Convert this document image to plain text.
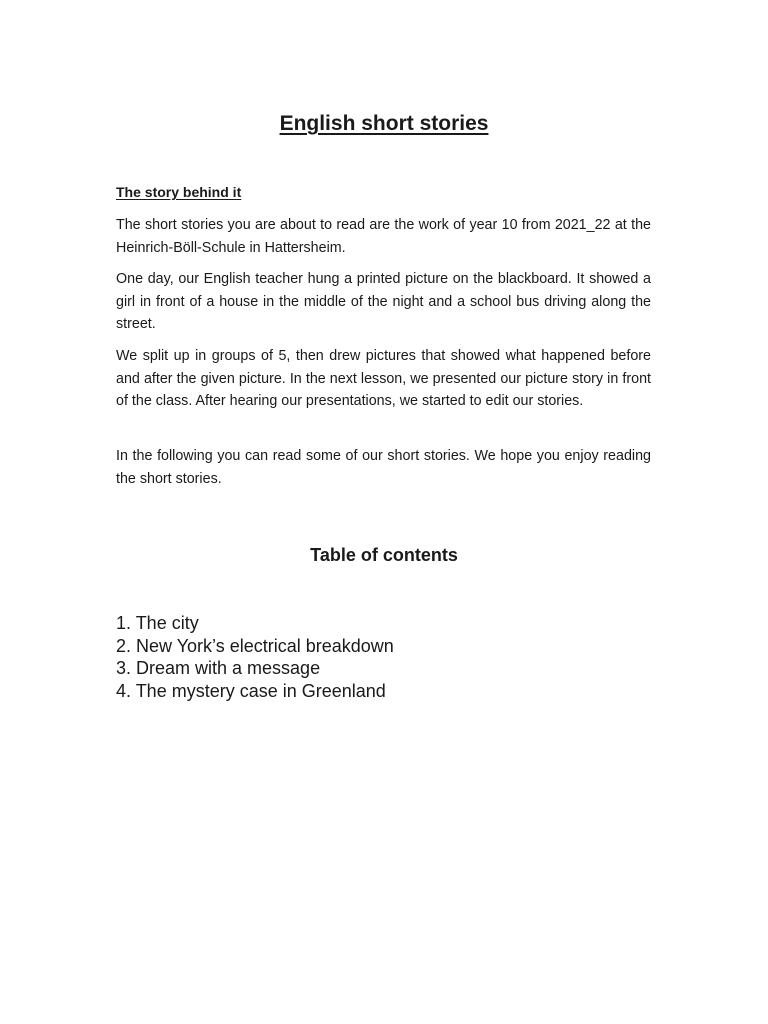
English short stories
The story behind it

The short stories you are about to read are the work of year 10 from 2021_22 at the Heinrich-Böll-Schule in Hattersheim.

One day, our English teacher hung a printed picture on the blackboard. It showed a girl in front of a house in the middle of the night and a school bus driving along the street.

We split up in groups of 5, then drew pictures that showed what happened before and after the given picture. In the next lesson, we presented our picture story in front of the class. After hearing our presentations, we started to edit our stories.

In the following you can read some of our short stories. We hope you enjoy reading the short stories.

Table of contents
1. The city
2. New York’s electrical breakdown
3. Dream with a message
4. The mystery case in Greenland
